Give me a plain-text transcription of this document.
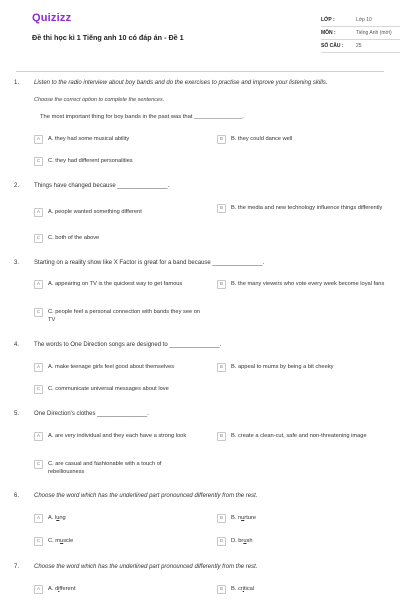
Quizizz
Đề thi học kì 1 Tiếng anh 10 có đáp án - Đề 1
LỚP :	Lớp 10
MÔN :	Tiếng Anh (mới)
SỐ CÂU :	25
1. Listen to the radio interview about boy bands and do the exercises to practise and improve your listening skills.
Choose the correct option to complete the sentences.
The most important thing for boy bands in the past was that _______________.
A	A. they had some musical ability	B	B. they could dance well
C	C. they had different personalities
2. Things have changed because _______________.
A	A. people wanted something different
B	B. the media and new technology influence things differently
C	C. both of the above
3. Starting on a reality show like X Factor is great for a band because _______________.
A	A. appearing on TV is the quickest way to get famous	B	B. the many viewers who vote every week become loyal fans
C	C. people feel a personal connection with bands they see on TV
4. The words to One Direction songs are designed to _______________.
A	A. make teenage girls feel good about themselves	B	B. appeal to mums by being a bit cheeky
C	C. communicate universal messages about love
5. One Direction's clothes _______________.
A	A. are very individual and they each have a strong look	B	B. create a clean-cut, safe and non-threatening image
C	C. are casual and fashionable with a touch of rebelliousness
6. Choose the word which has the underlined part pronounced differently from the rest.
A	A. lung	B	B. nurture
C	C. muscle	D	D. brush
7. Choose the word which has the underlined part pronounced differently from the rest.
A	A. different	B	B. critical
